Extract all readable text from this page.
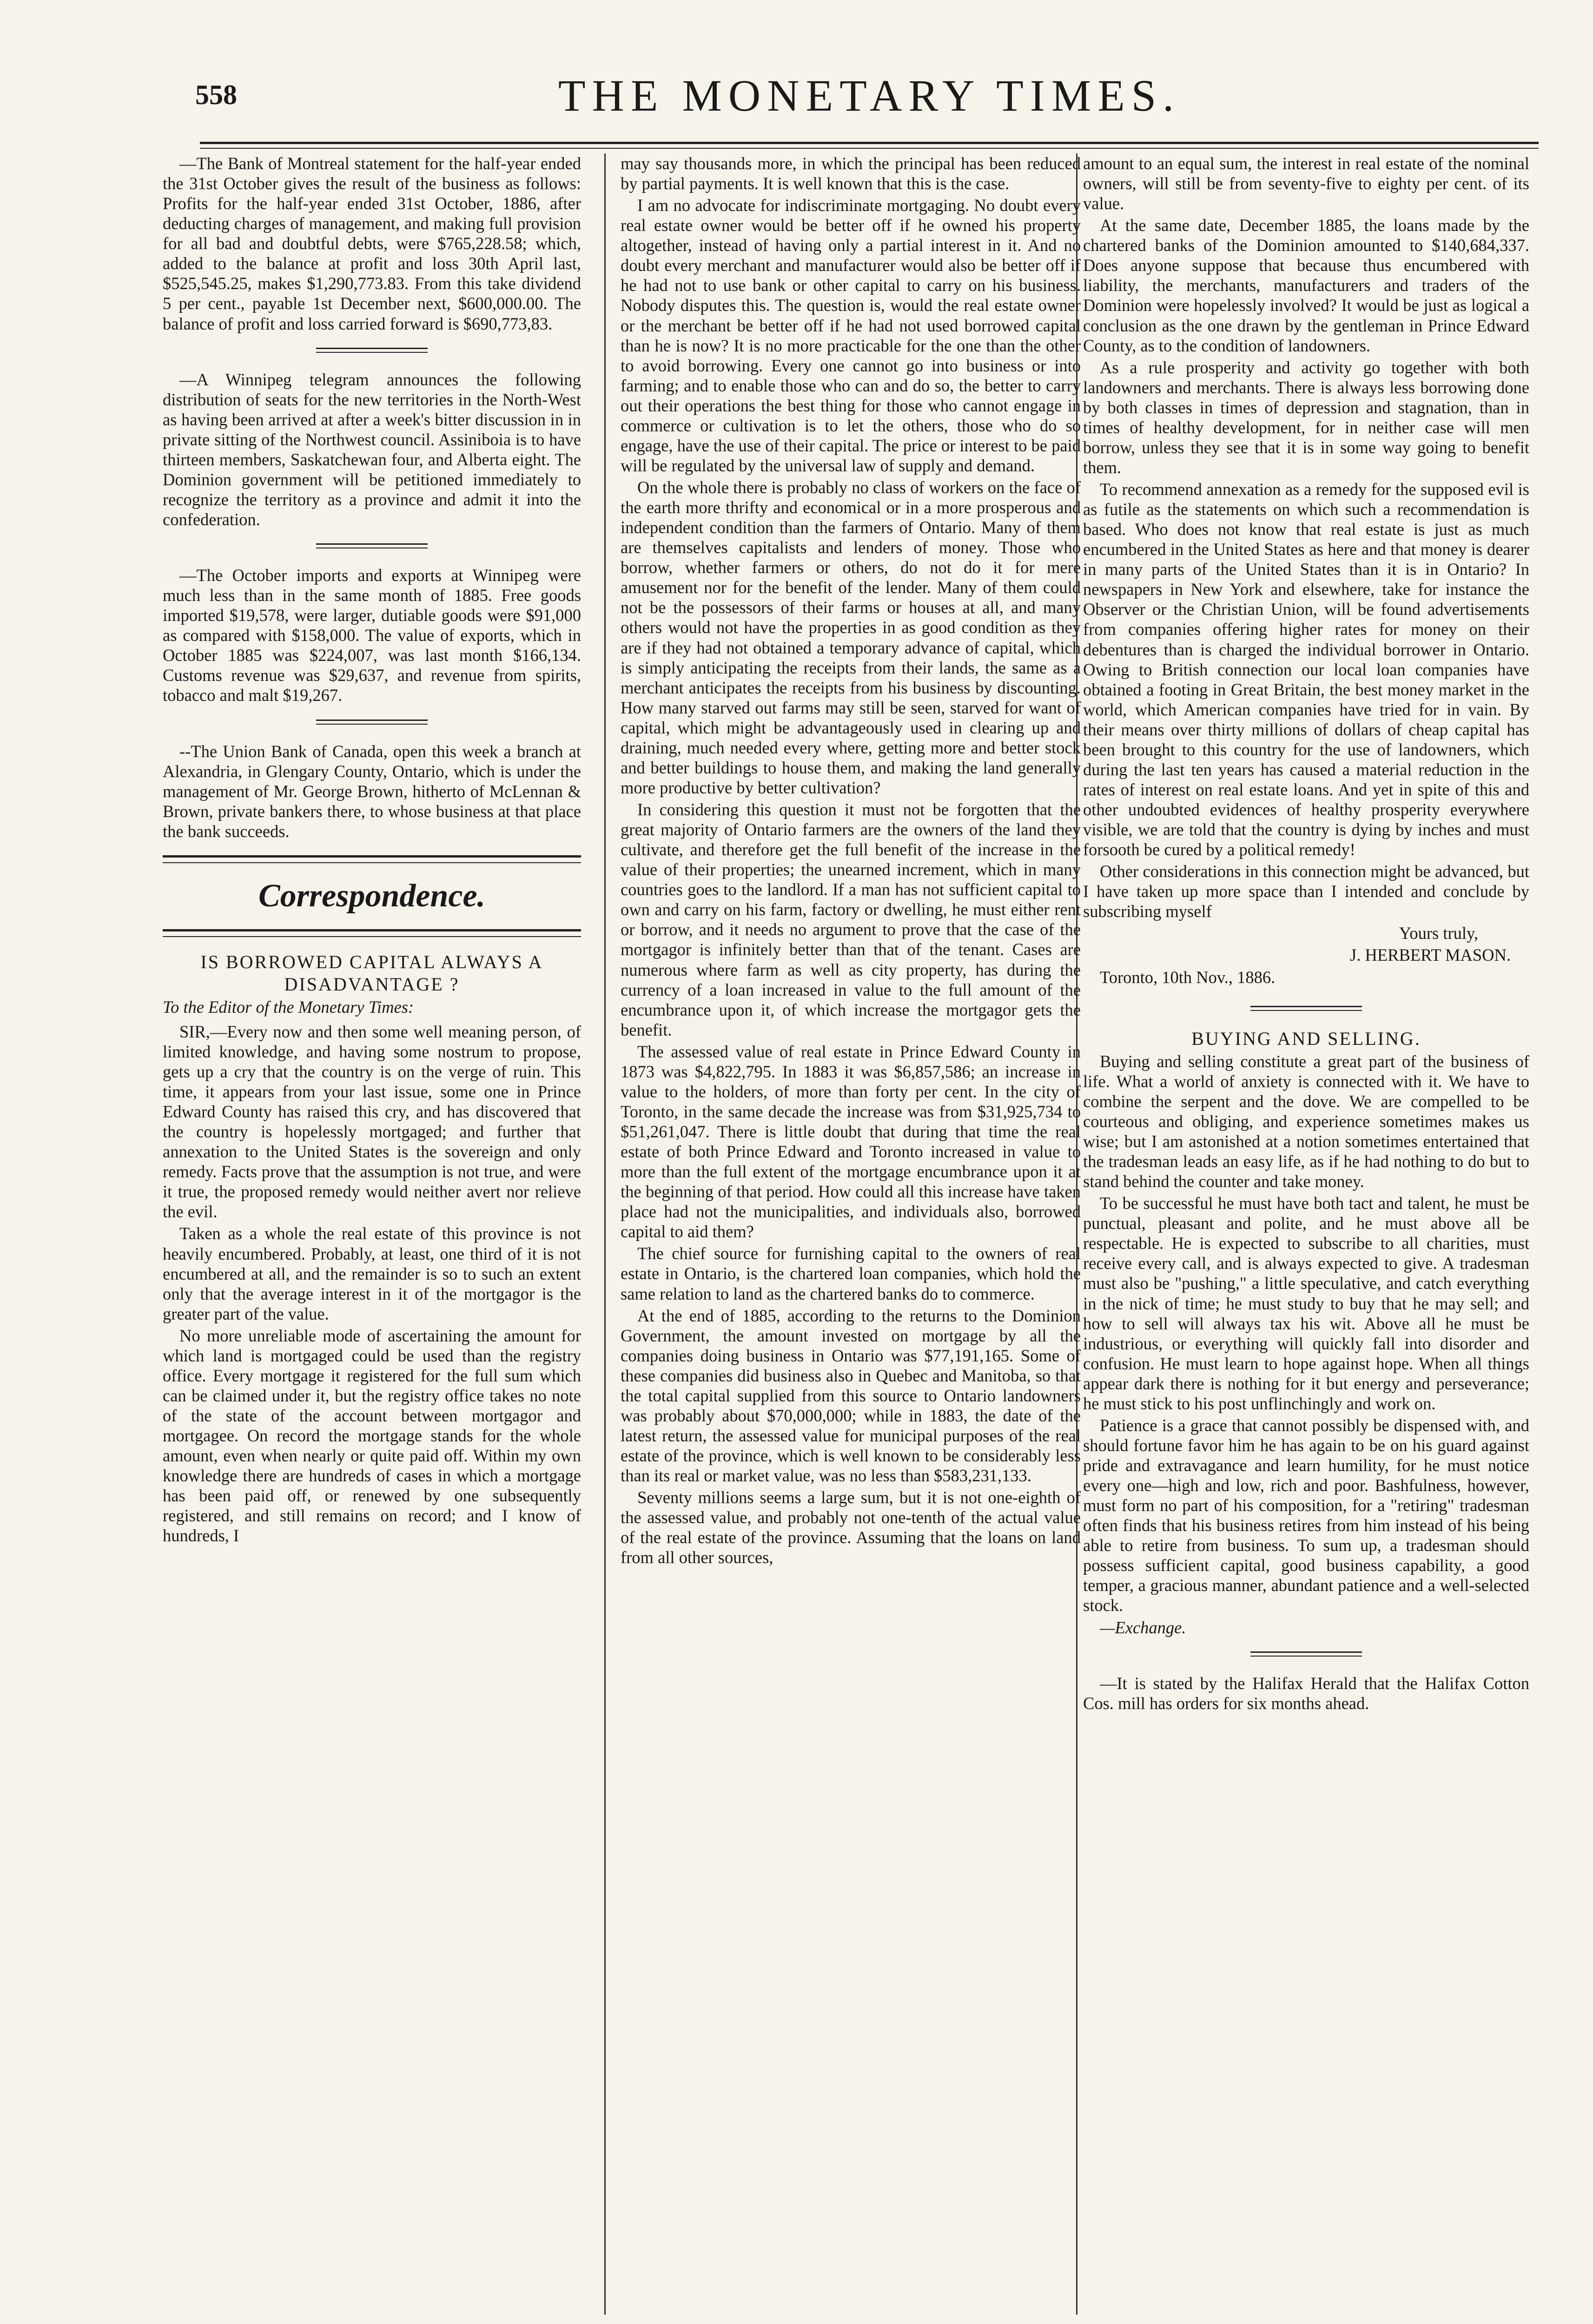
558	THE MONETARY TIMES.

—The Bank of Montreal statement for the half-year ended the 31st October gives the result of the business as follows: Profits for the half-year ended 31st October, 1886, after deducting charges of management, and making full provision for all bad and doubtful debts, were $765,228.58; which, added to the balance at profit and loss 30th April last, $525,545.25, makes $1,290,773.83. From this take dividend 5 per cent., payable 1st December next, $600,000.00. The balance of profit and loss carried forward is $690,773,83.

—A Winnipeg telegram announces the following distribution of seats for the new territories in the North-West as having been arrived at after a week's bitter discussion in in private sitting of the Northwest council. Assiniboia is to have thirteen members, Saskatchewan four, and Alberta eight. The Dominion government will be petitioned immediately to recognize the territory as a province and admit it into the confederation.

—The October imports and exports at Winnipeg were much less than in the same month of 1885. Free goods imported $19,578, were larger, dutiable goods were $91,000 as compared with $158,000. The value of exports, which in October 1885 was $224,007, was last month $166,134. Customs revenue was $29,637, and revenue from spirits, tobacco and malt $19,267.

--The Union Bank of Canada, open this week a branch at Alexandria, in Glengary County, Ontario, which is under the management of Mr. George Brown, hitherto of McLennan & Brown, private bankers there, to whose business at that place the bank succeeds.

Correspondence.

IS BORROWED CAPITAL ALWAYS A DISADVANTAGE ?

To the Editor of the Monetary Times:

SIR,—Every now and then some well meaning person, of limited knowledge, and having some nostrum to propose, gets up a cry that the country is on the verge of ruin. This time, it appears from your last issue, some one in Prince Edward County has raised this cry, and has discovered that the country is hopelessly mortgaged; and further that annexation to the United States is the sovereign and only remedy. Facts prove that the assumption is not true, and were it true, the proposed remedy would neither avert nor relieve the evil.

Taken as a whole the real estate of this province is not heavily encumbered. Probably, at least, one third of it is not encumbered at all, and the remainder is so to such an extent only that the average interest in it of the mortgagor is the greater part of the value.

No more unreliable mode of ascertaining the amount for which land is mortgaged could be used than the registry office. Every mortgage it registered for the full sum which can be claimed under it, but the registry office takes no note of the state of the account between mortgagor and mortgagee. On record the mortgage stands for the whole amount, even when nearly or quite paid off. Within my own knowledge there are hundreds of cases in which a mortgage has been paid off, or renewed by one subsequently registered, and still remains on record; and I know of hundreds, I

may say thousands more, in which the principal has been reduced by partial payments. It is well known that this is the case.

I am no advocate for indiscriminate mortgaging. No doubt every real estate owner would be better off if he owned his property altogether, instead of having only a partial interest in it. And no doubt every merchant and manufacturer would also be better off if he had not to use bank or other capital to carry on his business. Nobody disputes this. The question is, would the real estate owner or the merchant be better off if he had not used borrowed capital than he is now? It is no more practicable for the one than the other to avoid borrowing. Every one cannot go into business or into farming; and to enable those who can and do so, the better to carry out their operations the best thing for those who cannot engage in commerce or cultivation is to let the others, those who do so engage, have the use of their capital. The price or interest to be paid will be regulated by the universal law of supply and demand.

On the whole there is probably no class of workers on the face of the earth more thrifty and economical or in a more prosperous and independent condition than the farmers of Ontario. Many of them are themselves capitalists and lenders of money. Those who borrow, whether farmers or others, do not do it for mere amusement nor for the benefit of the lender. Many of them could not be the possessors of their farms or houses at all, and many others would not have the properties in as good condition as they are if they had not obtained a temporary advance of capital, which is simply anticipating the receipts from their lands, the same as a merchant anticipates the receipts from his business by discounting. How many starved out farms may still be seen, starved for want of capital, which might be advantageously used in clearing up and draining, much needed every where, getting more and better stock and better buildings to house them, and making the land generally more productive by better cultivation?

In considering this question it must not be forgotten that the great majority of Ontario farmers are the owners of the land they cultivate, and therefore get the full benefit of the increase in the value of their properties; the unearned increment, which in many countries goes to the landlord. If a man has not sufficient capital to own and carry on his farm, factory or dwelling, he must either rent or borrow, and it needs no argument to prove that the case of the mortgagor is infinitely better than that of the tenant. Cases are numerous where farm as well as city property, has during the currency of a loan increased in value to the full amount of the encumbrance upon it, of which increase the mortgagor gets the benefit.

The assessed value of real estate in Prince Edward County in 1873 was $4,822,795. In 1883 it was $6,857,586; an increase in value to the holders, of more than forty per cent. In the city of Toronto, in the same decade the increase was from $31,925,734 to $51,261,047. There is little doubt that during that time the real estate of both Prince Edward and Toronto increased in value to more than the full extent of the mortgage encumbrance upon it at the beginning of that period. How could all this increase have taken place had not the municipalities, and individuals also, borrowed capital to aid them?

The chief source for furnishing capital to the owners of real estate in Ontario, is the chartered loan companies, which hold the same relation to land as the chartered banks do to commerce.

At the end of 1885, according to the returns to the Dominion Government, the amount invested on mortgage by all the companies doing business in Ontario was $77,191,165. Some of these companies did business also in Quebec and Manitoba, so that the total capital supplied from this source to Ontario landowners was probably about $70,000,000; while in 1883, the date of the latest return, the assessed value for municipal purposes of the real estate of the province, which is well known to be considerably less than its real or market value, was no less than $583,231,133.

Seventy millions seems a large sum, but it is not one-eighth of the assessed value, and probably not one-tenth of the actual value of the real estate of the province. Assuming that the loans on land from all other sources,

amount to an equal sum, the interest in real estate of the nominal owners, will still be from seventy-five to eighty per cent. of its value.

At the same date, December 1885, the loans made by the chartered banks of the Dominion amounted to $140,684,337. Does anyone suppose that because thus encumbered with liability, the merchants, manufacturers and traders of the Dominion were hopelessly involved? It would be just as logical a conclusion as the one drawn by the gentleman in Prince Edward County, as to the condition of landowners.

As a rule prosperity and activity go together with both landowners and merchants. There is always less borrowing done by both classes in times of depression and stagnation, than in times of healthy development, for in neither case will men borrow, unless they see that it is in some way going to benefit them.

To recommend annexation as a remedy for the supposed evil is as futile as the statements on which such a recommendation is based. Who does not know that real estate is just as much encumbered in the United States as here and that money is dearer in many parts of the United States than it is in Ontario? In newspapers in New York and elsewhere, take for instance the Observer or the Christian Union, will be found advertisements from companies offering higher rates for money on their debentures than is charged the individual borrower in Ontario. Owing to British connection our local loan companies have obtained a footing in Great Britain, the best money market in the world, which American companies have tried for in vain. By their means over thirty millions of dollars of cheap capital has been brought to this country for the use of landowners, which during the last ten years has caused a material reduction in the rates of interest on real estate loans. And yet in spite of this and other undoubted evidences of healthy prosperity everywhere visible, we are told that the country is dying by inches and must forsooth be cured by a political remedy!

Other considerations in this connection might be advanced, but I have taken up more space than I intended and conclude by subscribing myself

Yours truly,

J. HERBERT MASON.

Toronto, 10th Nov., 1886.

BUYING AND SELLING.

Buying and selling constitute a great part of the business of life. What a world of anxiety is connected with it. We have to combine the serpent and the dove. We are compelled to be courteous and obliging, and experience sometimes makes us wise; but I am astonished at a notion sometimes entertained that the tradesman leads an easy life, as if he had nothing to do but to stand behind the counter and take money.

To be successful he must have both tact and talent, he must be punctual, pleasant and polite, and he must above all be respectable. He is expected to subscribe to all charities, must receive every call, and is always expected to give. A tradesman must also be "pushing," a little speculative, and catch everything in the nick of time; he must study to buy that he may sell; and how to sell will always tax his wit. Above all he must be industrious, or everything will quickly fall into disorder and confusion. He must learn to hope against hope. When all things appear dark there is nothing for it but energy and perseverance; he must stick to his post unflinchingly and work on.

Patience is a grace that cannot possibly be dispensed with, and should fortune favor him he has again to be on his guard against pride and extravagance and learn humility, for he must notice every one—high and low, rich and poor. Bashfulness, however, must form no part of his composition, for a "retiring" tradesman often finds that his business retires from him instead of his being able to retire from business. To sum up, a tradesman should possess sufficient capital, good business capability, a good temper, a gracious manner, abundant patience and a well-selected stock.

—Exchange.

—It is stated by the Halifax Herald that the Halifax Cotton Cos. mill has orders for six months ahead.
